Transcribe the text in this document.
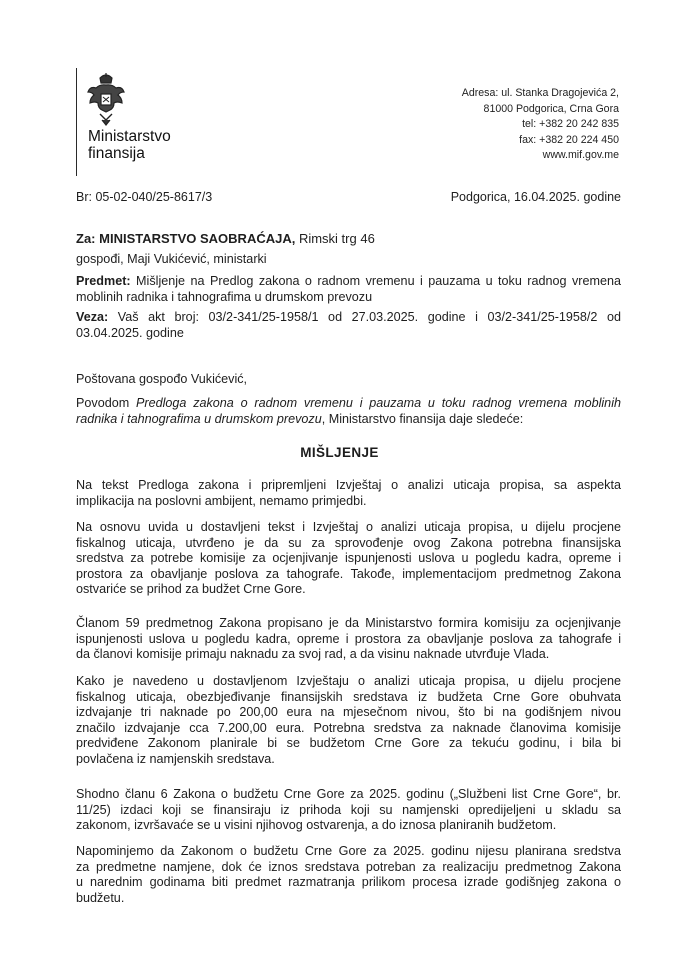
Ministarstvo
finansija
Adresa: ul. Stanka Dragojevića 2,
81000 Podgorica, Crna Gora
tel: +382 20 242 835
fax: +382 20 224 450
www.mif.gov.me
Br: 05-02-040/25-8617/3	Podgorica, 16.04.2025. godine
Za: MINISTARSTVO SAOBRAĆAJA, Rimski trg 46
gospođi, Maji Vukićević, ministarki
Predmet: Mišljenje na Predlog zakona o radnom vremenu i pauzama u toku radnog vremena
moblinih radnika i tahnografima u drumskom prevozu
Veza: Vaš akt broj: 03/2-341/25-1958/1 od 27.03.2025. godine i 03/2-341/25-1958/2 od
03.04.2025. godine
Poštovana gospođo Vukićević,
Povodom Predloga zakona o radnom vremenu i pauzama u toku radnog vremena moblinih
radnika i tahnografima u drumskom prevozu, Ministarstvo finansija daje sledeće:
MIŠLJENJE
Na tekst Predloga zakona i pripremljeni Izvještaj o analizi uticaja propisa, sa aspekta
implikacija na poslovni ambijent, nemamo primjedbi.
Na osnovu uvida u dostavljeni tekst i Izvještaj o analizi uticaja propisa, u dijelu procjene
fiskalnog uticaja, utvrđeno je da su za sprovođenje ovog Zakona potrebna finansijska
sredstva za potrebe komisije za ocjenjivanje ispunjenosti uslova u pogledu kadra, opreme i
prostora za obavljanje poslova za tahografe. Takođe, implementacijom predmetnog Zakona
ostvariće se prihod za budžet Crne Gore.
Članom 59 predmetnog Zakona propisano je da Ministarstvo formira komisiju za ocjenjivanje
ispunjenosti uslova u pogledu kadra, opreme i prostora za obavljanje poslova za tahografe i
da članovi komisije primaju naknadu za svoj rad, a da visinu naknade utvrđuje Vlada.
Kako je navedeno u dostavljenom Izvještaju o analizi uticaja propisa, u dijelu procjene
fiskalnog uticaja, obezbjeđivanje finansijskih sredstava iz budžeta Crne Gore obuhvata
izdvajanje tri naknade po 200,00 eura na mjesečnom nivou, što bi na godišnjem nivou
značilo izdvajanje cca 7.200,00 eura. Potrebna sredstva za naknade članovima komisije
predviđene Zakonom planirale bi se budžetom Crne Gore za tekuću godinu, i bila bi
povlačena iz namjenskih sredstava.
Shodno članu 6 Zakona o budžetu Crne Gore za 2025. godinu („Službeni list Crne Gore“, br.
11/25) izdaci koji se finansiraju iz prihoda koji su namjenski opredijeljeni u skladu sa
zakonom, izvršavaće se u visini njihovog ostvarenja, a do iznosa planiranih budžetom.
Napominjemo da Zakonom o budžetu Crne Gore za 2025. godinu nijesu planirana sredstva
za predmetne namjene, dok će iznos sredstava potreban za realizaciju predmetnog Zakona
u narednim godinama biti predmet razmatranja prilikom procesa izrade godišnjeg zakona o
budžetu.
